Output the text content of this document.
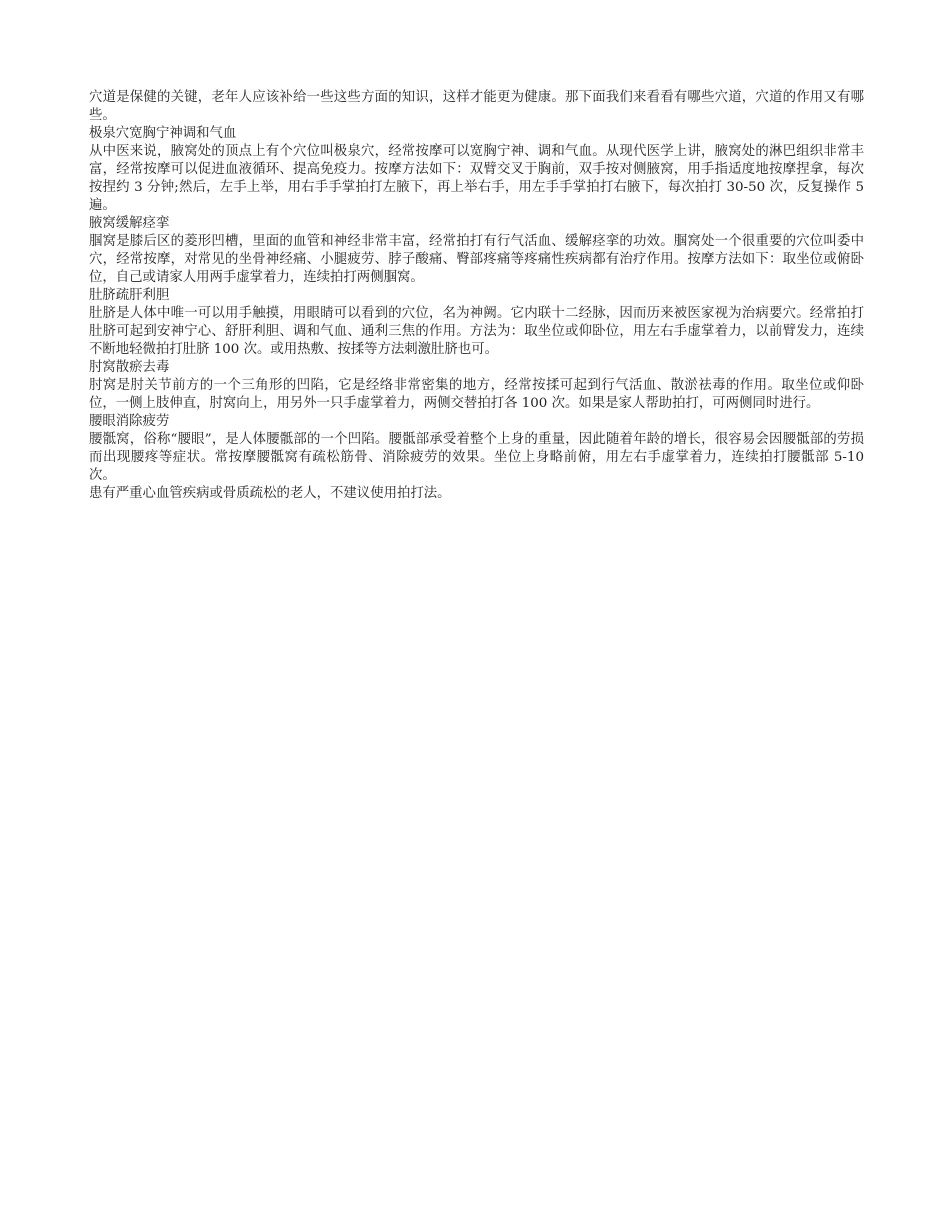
穴道是保健的关键，老年人应该补给一些这些方面的知识，这样才能更为健康。那下面我们来看看有哪些穴道，穴道的作用又有哪些。

极泉穴宽胸宁神调和气血

从中医来说，腋窝处的顶点上有个穴位叫极泉穴，经常按摩可以宽胸宁神、调和气血。从现代医学上讲，腋窝处的淋巴组织非常丰富，经常按摩可以促进血液循环、提高免疫力。按摩方法如下：双臂交叉于胸前，双手按对侧腋窝，用手指适度地按摩捏拿，每次按捏约 3 分钟;然后，左手上举，用右手手掌拍打左腋下，再上举右手，用左手手掌拍打右腋下，每次拍打 30-50 次，反复操作 5 遍。

腋窝缓解痉挛

腘窝是膝后区的菱形凹槽，里面的血管和神经非常丰富，经常拍打有行气活血、缓解痉挛的功效。腘窝处一个很重要的穴位叫委中穴，经常按摩，对常见的坐骨神经痛、小腿疲劳、脖子酸痛、臀部疼痛等疼痛性疾病都有治疗作用。按摩方法如下：取坐位或俯卧位，自己或请家人用两手虚掌着力，连续拍打两侧腘窝。

肚脐疏肝利胆

肚脐是人体中唯一可以用手触摸，用眼睛可以看到的穴位，名为神阙。它内联十二经脉，因而历来被医家视为治病要穴。经常拍打肚脐可起到安神宁心、舒肝利胆、调和气血、通利三焦的作用。方法为：取坐位或仰卧位，用左右手虚掌着力，以前臂发力，连续不断地轻微拍打肚脐 100 次。或用热敷、按揉等方法刺激肚脐也可。

肘窝散瘀去毒

肘窝是肘关节前方的一个三角形的凹陷，它是经络非常密集的地方，经常按揉可起到行气活血、散淤祛毒的作用。取坐位或仰卧位，一侧上肢伸直，肘窝向上，用另外一只手虚掌着力，两侧交替拍打各 100 次。如果是家人帮助拍打，可两侧同时进行。

腰眼消除疲劳

腰骶窝，俗称“腰眼”，是人体腰骶部的一个凹陷。腰骶部承受着整个上身的重量，因此随着年龄的增长，很容易会因腰骶部的劳损而出现腰疼等症状。常按摩腰骶窝有疏松筋骨、消除疲劳的效果。坐位上身略前俯，用左右手虚掌着力，连续拍打腰骶部 5-10 次。

患有严重心血管疾病或骨质疏松的老人，不建议使用拍打法。
